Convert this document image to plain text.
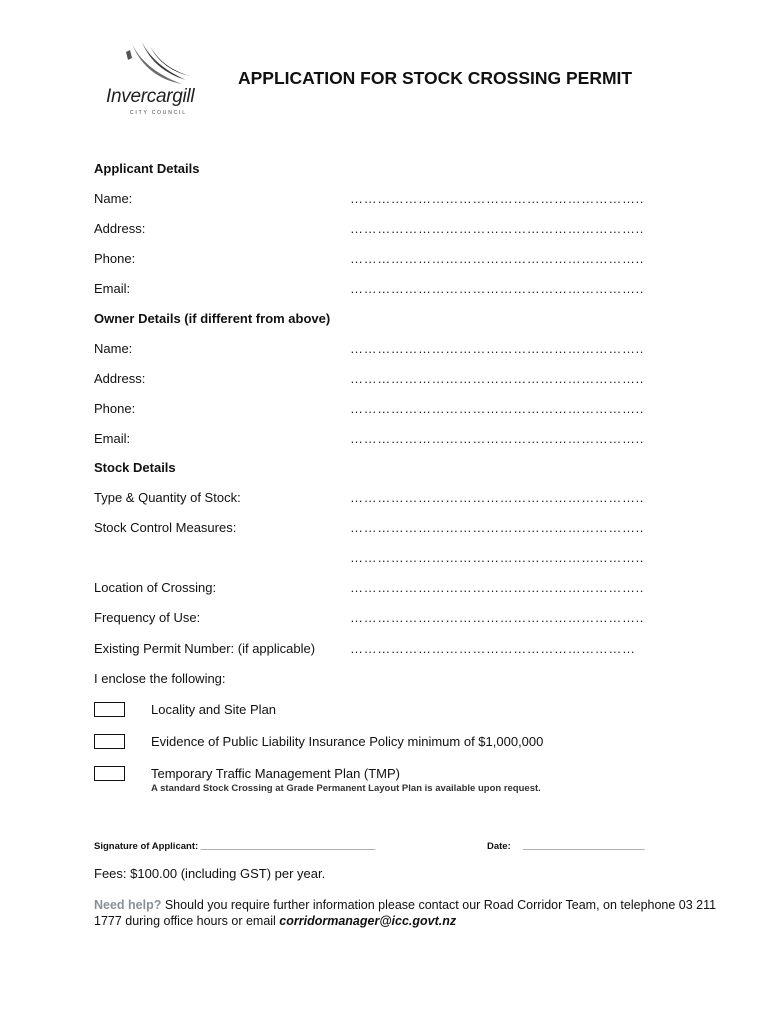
Invercargill
CITY COUNCIL
APPLICATION FOR STOCK CROSSING PERMIT
Applicant Details
Name:	………………………………………………………..
Address:	………………………………………………………..
Phone:	………………………………………………………..
Email:	………………………………………………………..
Owner Details (if different from above)
Name:	………………………………………………………..
Address:	………………………………………………………..
Phone:	………………………………………………………..
Email:	………………………………………………………..
Stock Details
Type & Quantity of Stock:	………………………………………………………..
Stock Control Measures:	………………………………………………………..
………………………………………………………..
Location of Crossing:	………………………………………………………..
Frequency of Use:	………………………………………………………..
Existing Permit Number: (if applicable)	………………………………………………………
I enclose the following:
Locality and Site Plan
Evidence of Public Liability Insurance Policy minimum of $1,000,000
Temporary Traffic Management Plan (TMP)
A standard Stock Crossing at Grade Permanent Layout Plan is available upon request.
Signature of Applicant: _________________________________	Date: _______________________
Fees: $100.00 (including GST) per year.
Need help? Should you require further information please contact our Road Corridor Team, on telephone 03 211 1777 during office hours or email corridormanager@icc.govt.nz
